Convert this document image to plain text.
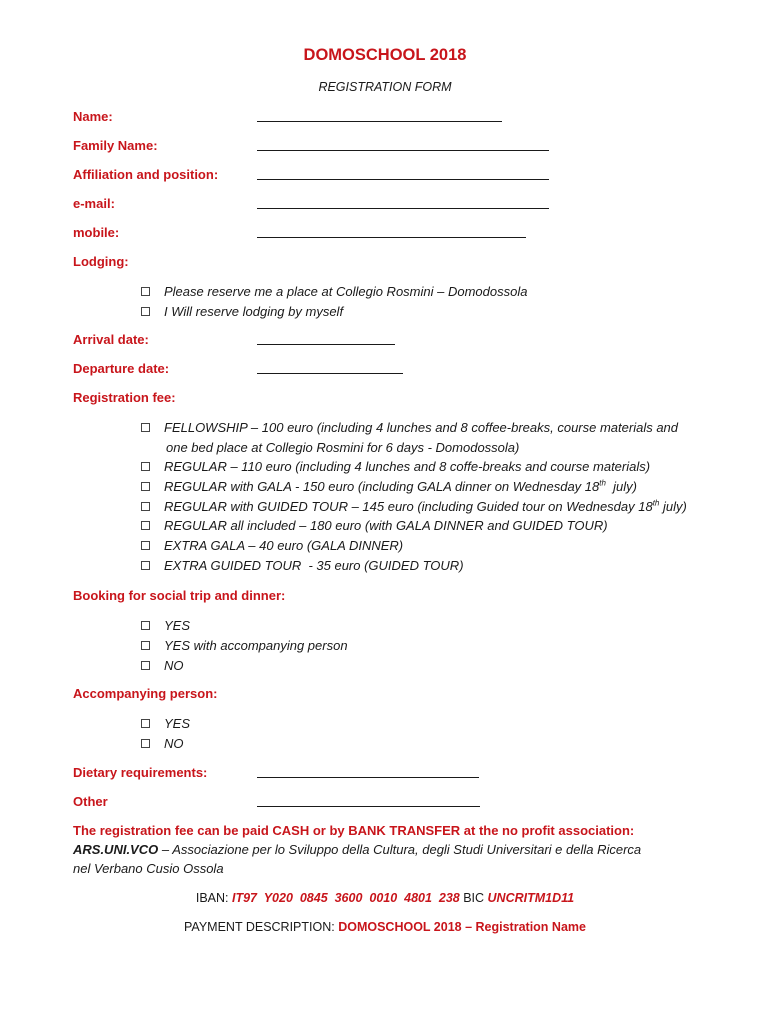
DOMOSCHOOL 2018
REGISTRATION FORM
Name:
Family Name:
Affiliation and position:
e-mail:
mobile:
Lodging:
Please reserve me a place at Collegio Rosmini – Domodossola
I Will reserve lodging by myself
Arrival date:
Departure date:
Registration fee:
FELLOWSHIP – 100 euro (including 4 lunches and 8 coffee-breaks, course materials and
one bed place at Collegio Rosmini for 6 days - Domodossola)
REGULAR – 110 euro (including 4 lunches and 8 coffe-breaks and course materials)
REGULAR with GALA - 150 euro (including GALA dinner on Wednesday 18th  july)
REGULAR with GUIDED TOUR – 145 euro (including Guided tour on Wednesday 18th july)
REGULAR all included – 180 euro (with GALA DINNER and GUIDED TOUR)
EXTRA GALA – 40 euro (GALA DINNER)
EXTRA GUIDED TOUR  - 35 euro (GUIDED TOUR)
Booking for social trip and dinner:
YES
YES with accompanying person
NO
Accompanying person:
YES
NO
Dietary requirements:
Other
The registration fee can be paid CASH or by BANK TRANSFER at the no profit association:
ARS.UNI.VCO – Associazione per lo Sviluppo della Cultura, degli Studi Universitari e della Ricerca
nel Verbano Cusio Ossola
IBAN: IT97  Y020  0845  3600  0010  4801  238 BIC UNCRITM1D11
PAYMENT DESCRIPTION: DOMOSCHOOL 2018 – Registration Name
